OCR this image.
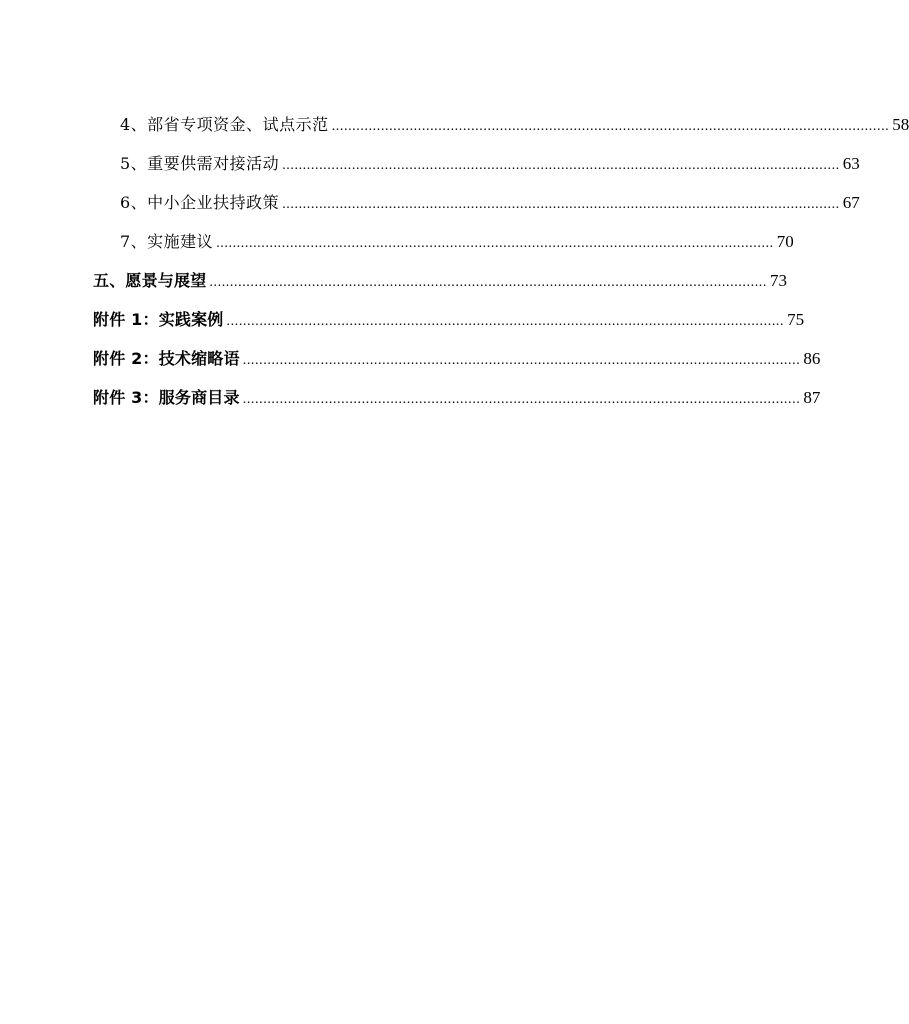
4、部省专项资金、试点示范 ........................................................................................................................................ 58
5、重要供需对接活动 ........................................................................................................................................ 63
6、中小企业扶持政策 ........................................................................................................................................ 67
7、实施建议 ........................................................................................................................................ 70
五、愿景与展望 ........................................................................................................................................ 73
附件 1：实践案例 ........................................................................................................................................ 75
附件 2：技术缩略语 ........................................................................................................................................ 86
附件 3：服务商目录 ........................................................................................................................................ 87
